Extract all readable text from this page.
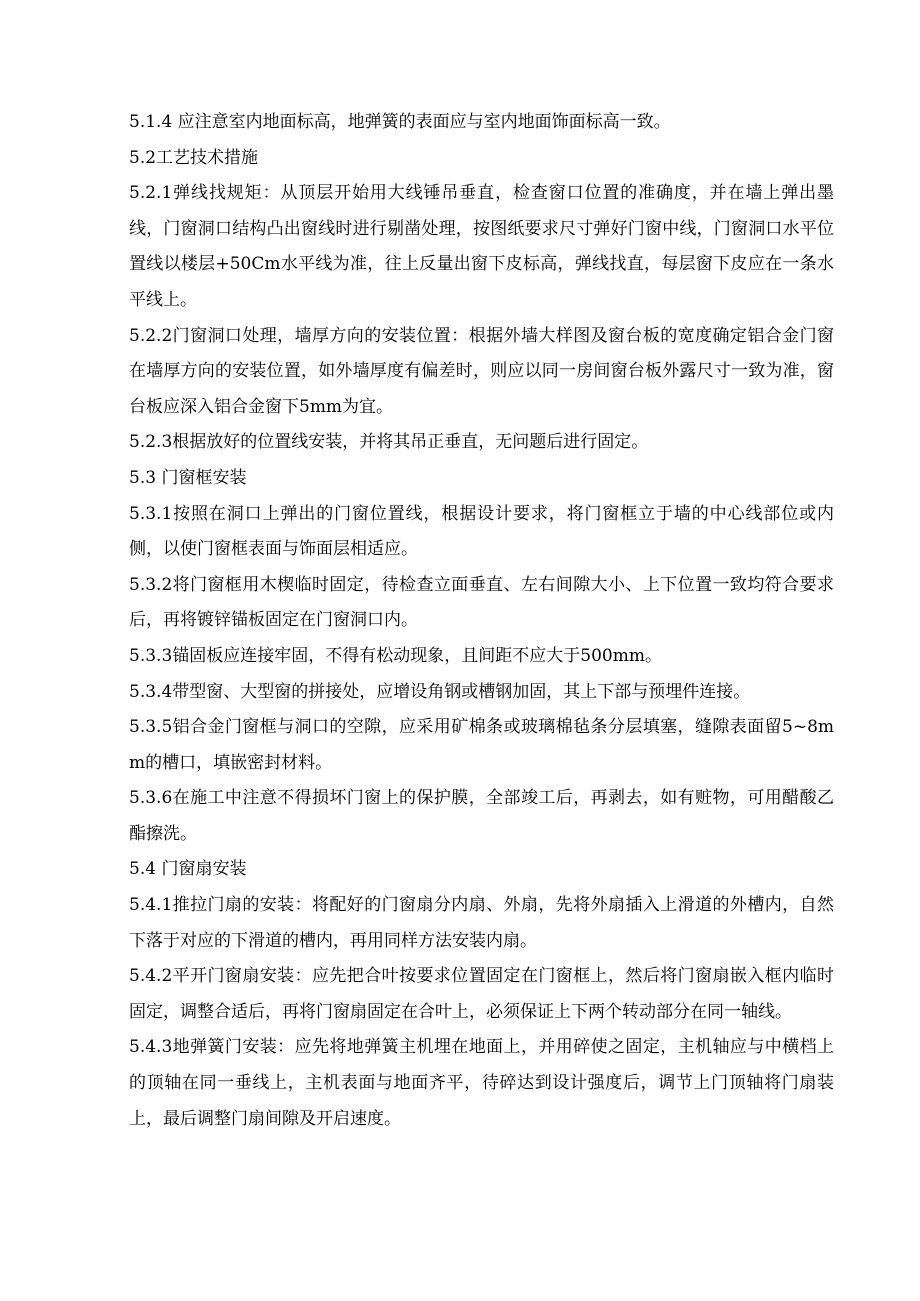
5.1.4 应注意室内地面标高，地弹簧的表面应与室内地面饰面标高一致。

5.2工艺技术措施

5.2.1弹线找规矩：从顶层开始用大线锤吊垂直，检查窗口位置的准确度，并在墙上弹出墨线，门窗洞口结构凸出窗线时进行剔凿处理，按图纸要求尺寸弹好门窗中线，门窗洞口水平位置线以楼层+50Cm水平线为准，往上反量出窗下皮标高，弹线找直，每层窗下皮应在一条水平线上。

5.2.2门窗洞口处理，墙厚方向的安装位置：根据外墙大样图及窗台板的宽度确定铝合金门窗在墙厚方向的安装位置，如外墙厚度有偏差时，则应以同一房间窗台板外露尺寸一致为准，窗台板应深入铝合金窗下5mm为宜。

5.2.3根据放好的位置线安装，并将其吊正垂直，无问题后进行固定。

5.3 门窗框安装

5.3.1按照在洞口上弹出的门窗位置线，根据设计要求，将门窗框立于墙的中心线部位或内侧，以使门窗框表面与饰面层相适应。

5.3.2将门窗框用木楔临时固定，待检查立面垂直、左右间隙大小、上下位置一致均符合要求后，再将镀锌锚板固定在门窗洞口内。

5.3.3锚固板应连接牢固，不得有松动现象，且间距不应大于500mm。

5.3.4带型窗、大型窗的拼接处，应增设角钢或槽钢加固，其上下部与预埋件连接。

5.3.5铝合金门窗框与洞口的空隙，应采用矿棉条或玻璃棉毡条分层填塞，缝隙表面留5~8mm的槽口，填嵌密封材料。

5.3.6在施工中注意不得损坏门窗上的保护膜，全部竣工后，再剥去，如有赃物，可用醋酸乙酯擦洗。

5.4 门窗扇安装

5.4.1推拉门扇的安装：将配好的门窗扇分内扇、外扇，先将外扇插入上滑道的外槽内，自然下落于对应的下滑道的槽内，再用同样方法安装内扇。

5.4.2平开门窗扇安装：应先把合叶按要求位置固定在门窗框上，然后将门窗扇嵌入框内临时固定，调整合适后，再将门窗扇固定在合叶上，必须保证上下两个转动部分在同一轴线。

5.4.3地弹簧门安装：应先将地弹簧主机埋在地面上，并用碎使之固定，主机轴应与中横档上的顶轴在同一垂线上，主机表面与地面齐平，待碎达到设计强度后，调节上门顶轴将门扇装上，最后调整门扇间隙及开启速度。
